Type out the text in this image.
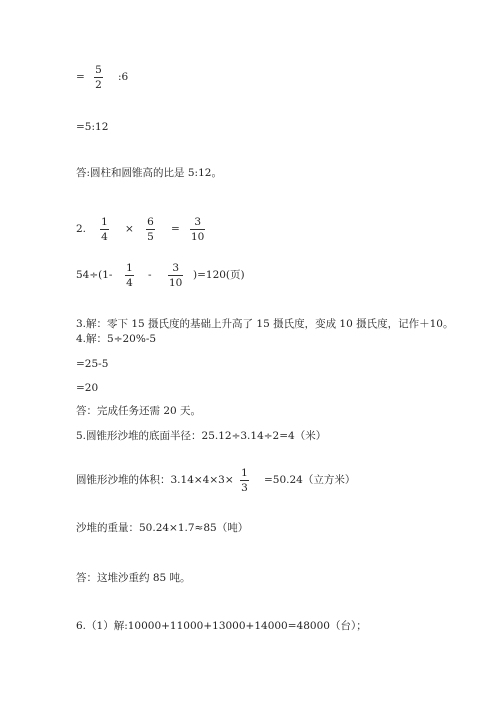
=
5
2
:6
=5:12
答:圆柱和圆锥高的比是 5:12。
2.
1
4
×
6
5
=
3
10
54÷(1-
1
4
-
3
10
)=120(页)
3.解：零下 15 摄氏度的基础上升高了 15 摄氏度，变成 10 摄氏度，记作＋10。
4.解：5÷20%-5
=25-5
=20
答：完成任务还需 20 天。
5.圆锥形沙堆的底面半径：25.12÷3.14÷2=4（米）
圆锥形沙堆的体积：3.14×4×3×
1
3
=50.24（立方米）
沙堆的重量：50.24×1.7≈85（吨）
答：这堆沙重约 85 吨。
6.（1）解:10000+11000+13000+14000=48000（台）；
